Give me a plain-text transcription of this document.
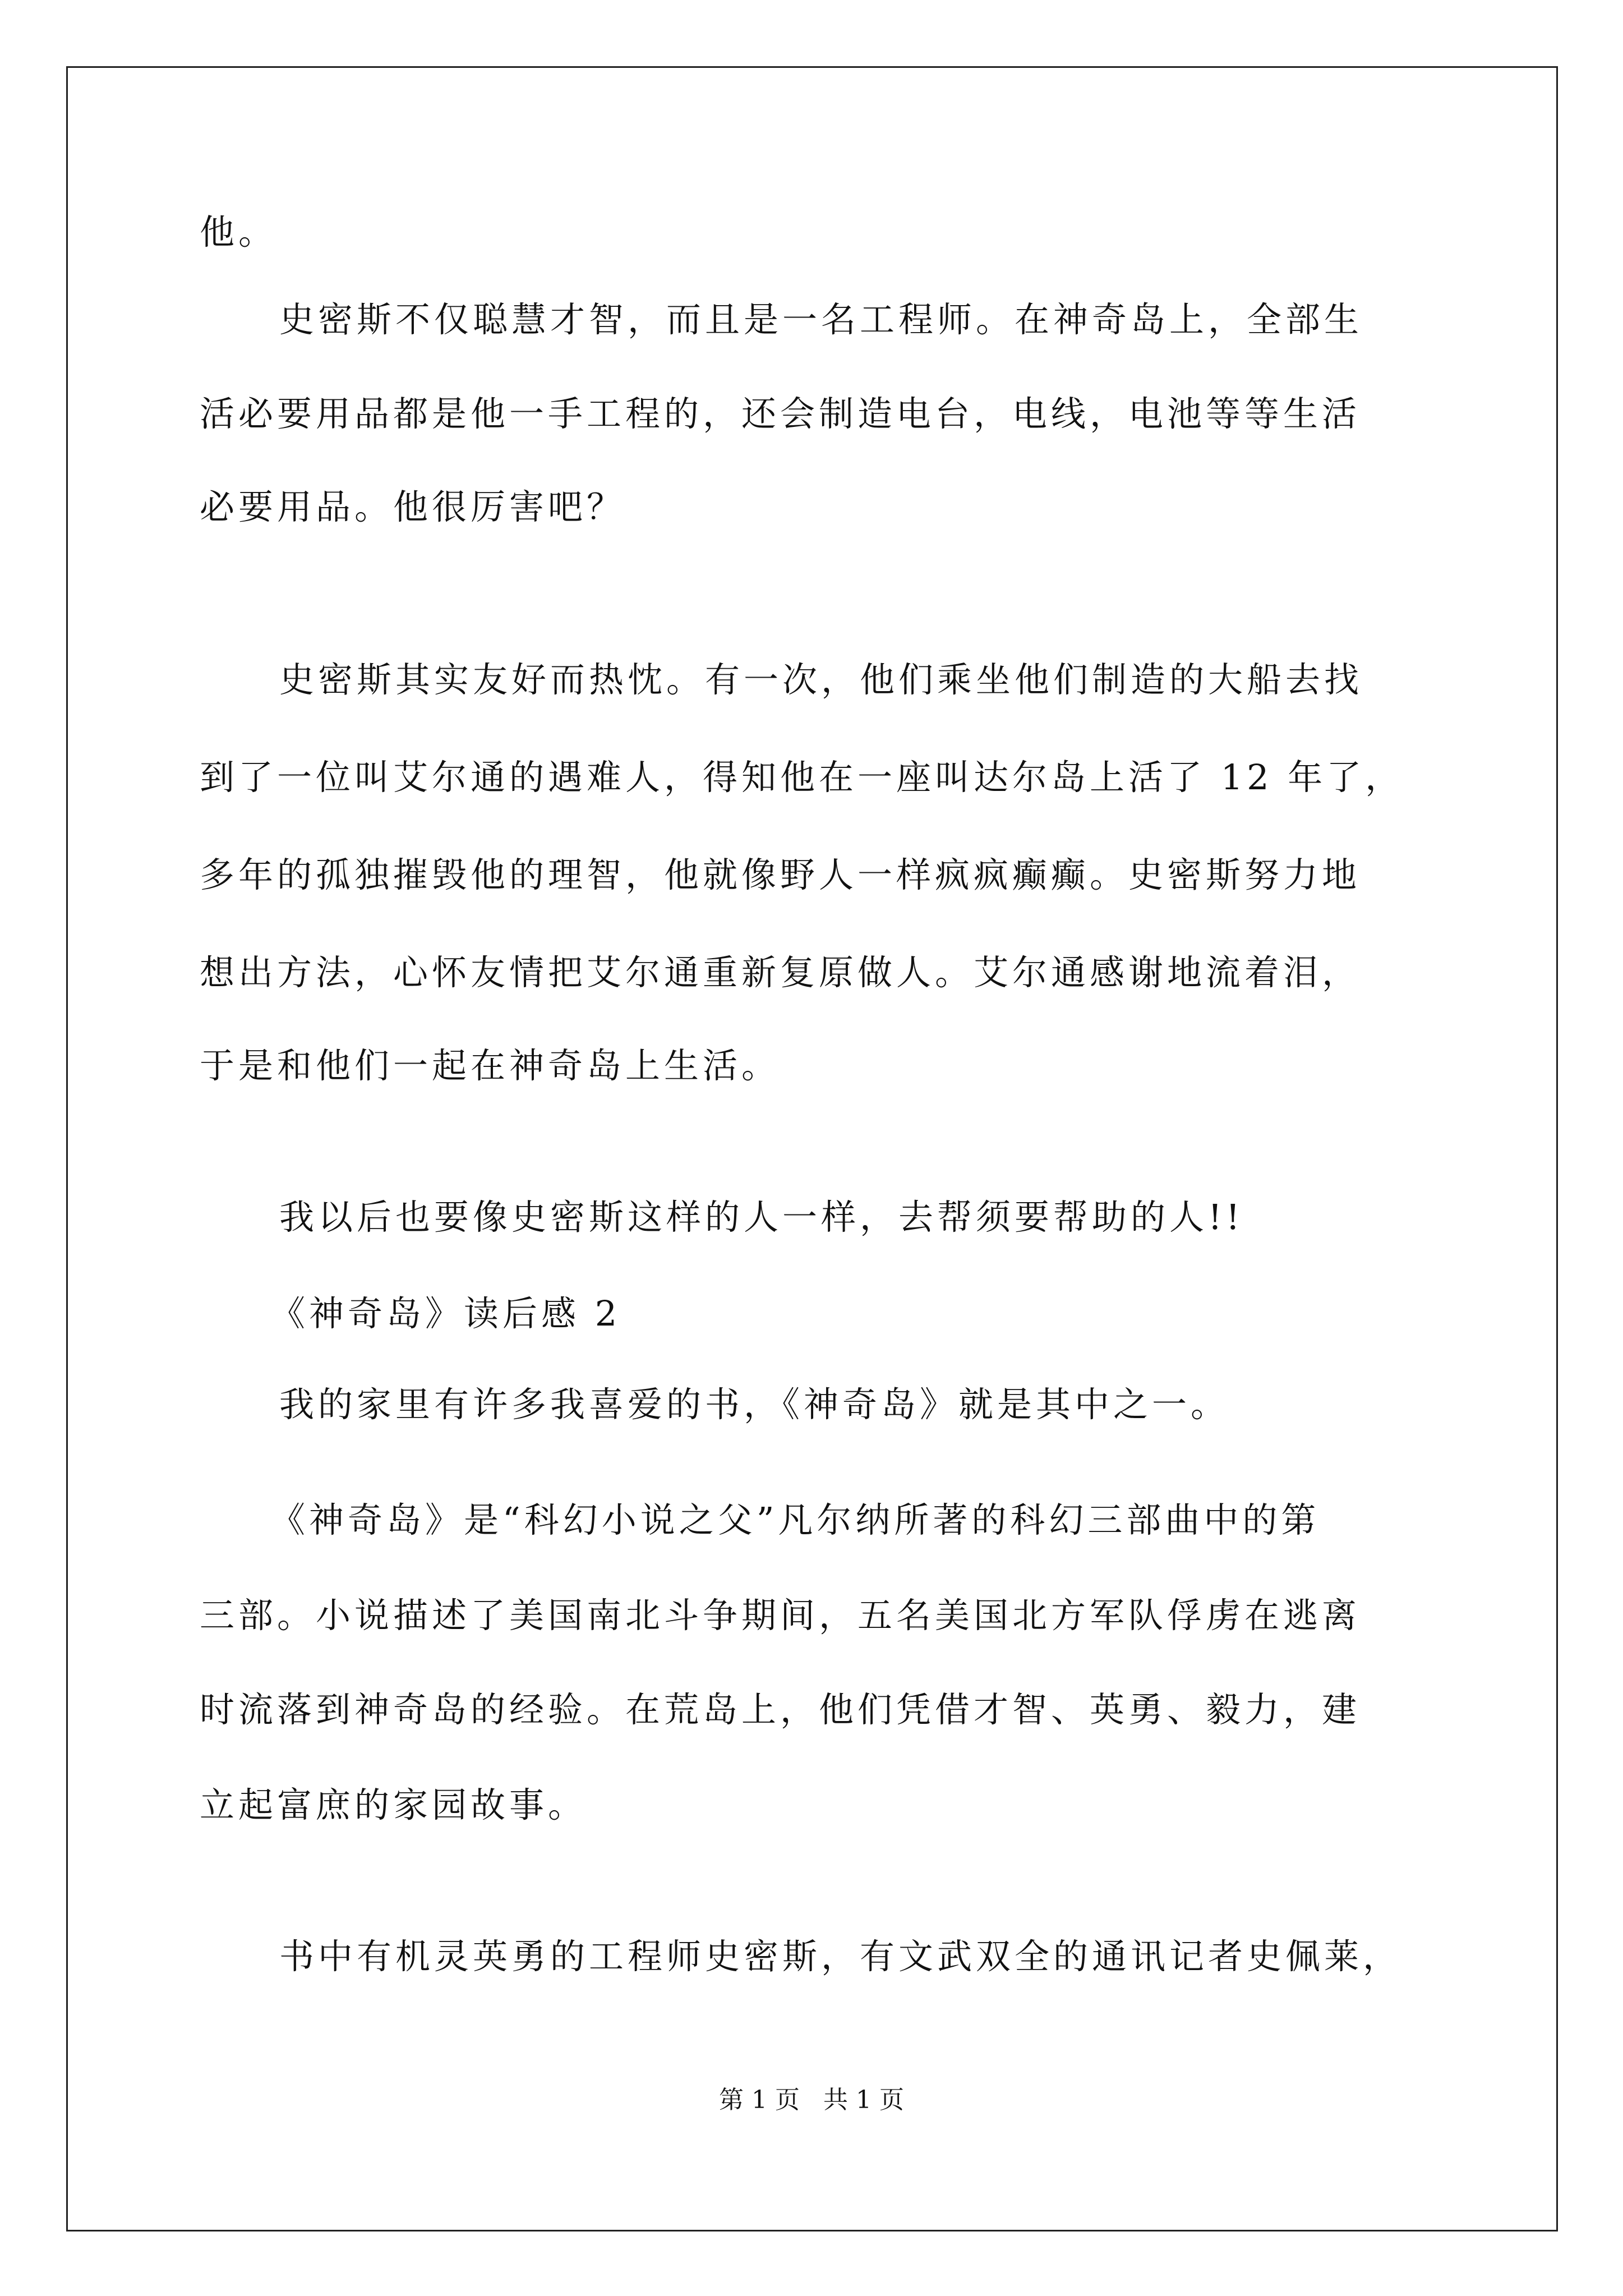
他。
史密斯不仅聪慧才智，而且是一名工程师。在神奇岛上，全部生
活必要用品都是他一手工程的，还会制造电台，电线，电池等等生活
必要用品。他很厉害吧？
史密斯其实友好而热忱。有一次，他们乘坐他们制造的大船去找
到了一位叫艾尔通的遇难人，得知他在一座叫达尔岛上活了 12 年了，
多年的孤独摧毁他的理智，他就像野人一样疯疯癫癫。史密斯努力地
想出方法，心怀友情把艾尔通重新复原做人。艾尔通感谢地流着泪，
于是和他们一起在神奇岛上生活。
我以后也要像史密斯这样的人一样，去帮须要帮助的人!!
《神奇岛》读后感 2
我的家里有许多我喜爱的书，《神奇岛》就是其中之一。
《神奇岛》是“科幻小说之父”凡尔纳所著的科幻三部曲中的第
三部。小说描述了美国南北斗争期间，五名美国北方军队俘虏在逃离
时流落到神奇岛的经验。在荒岛上，他们凭借才智、英勇、毅力，建
立起富庶的家园故事。
书中有机灵英勇的工程师史密斯，有文武双全的通讯记者史佩莱，
第 1 页   共 1 页
